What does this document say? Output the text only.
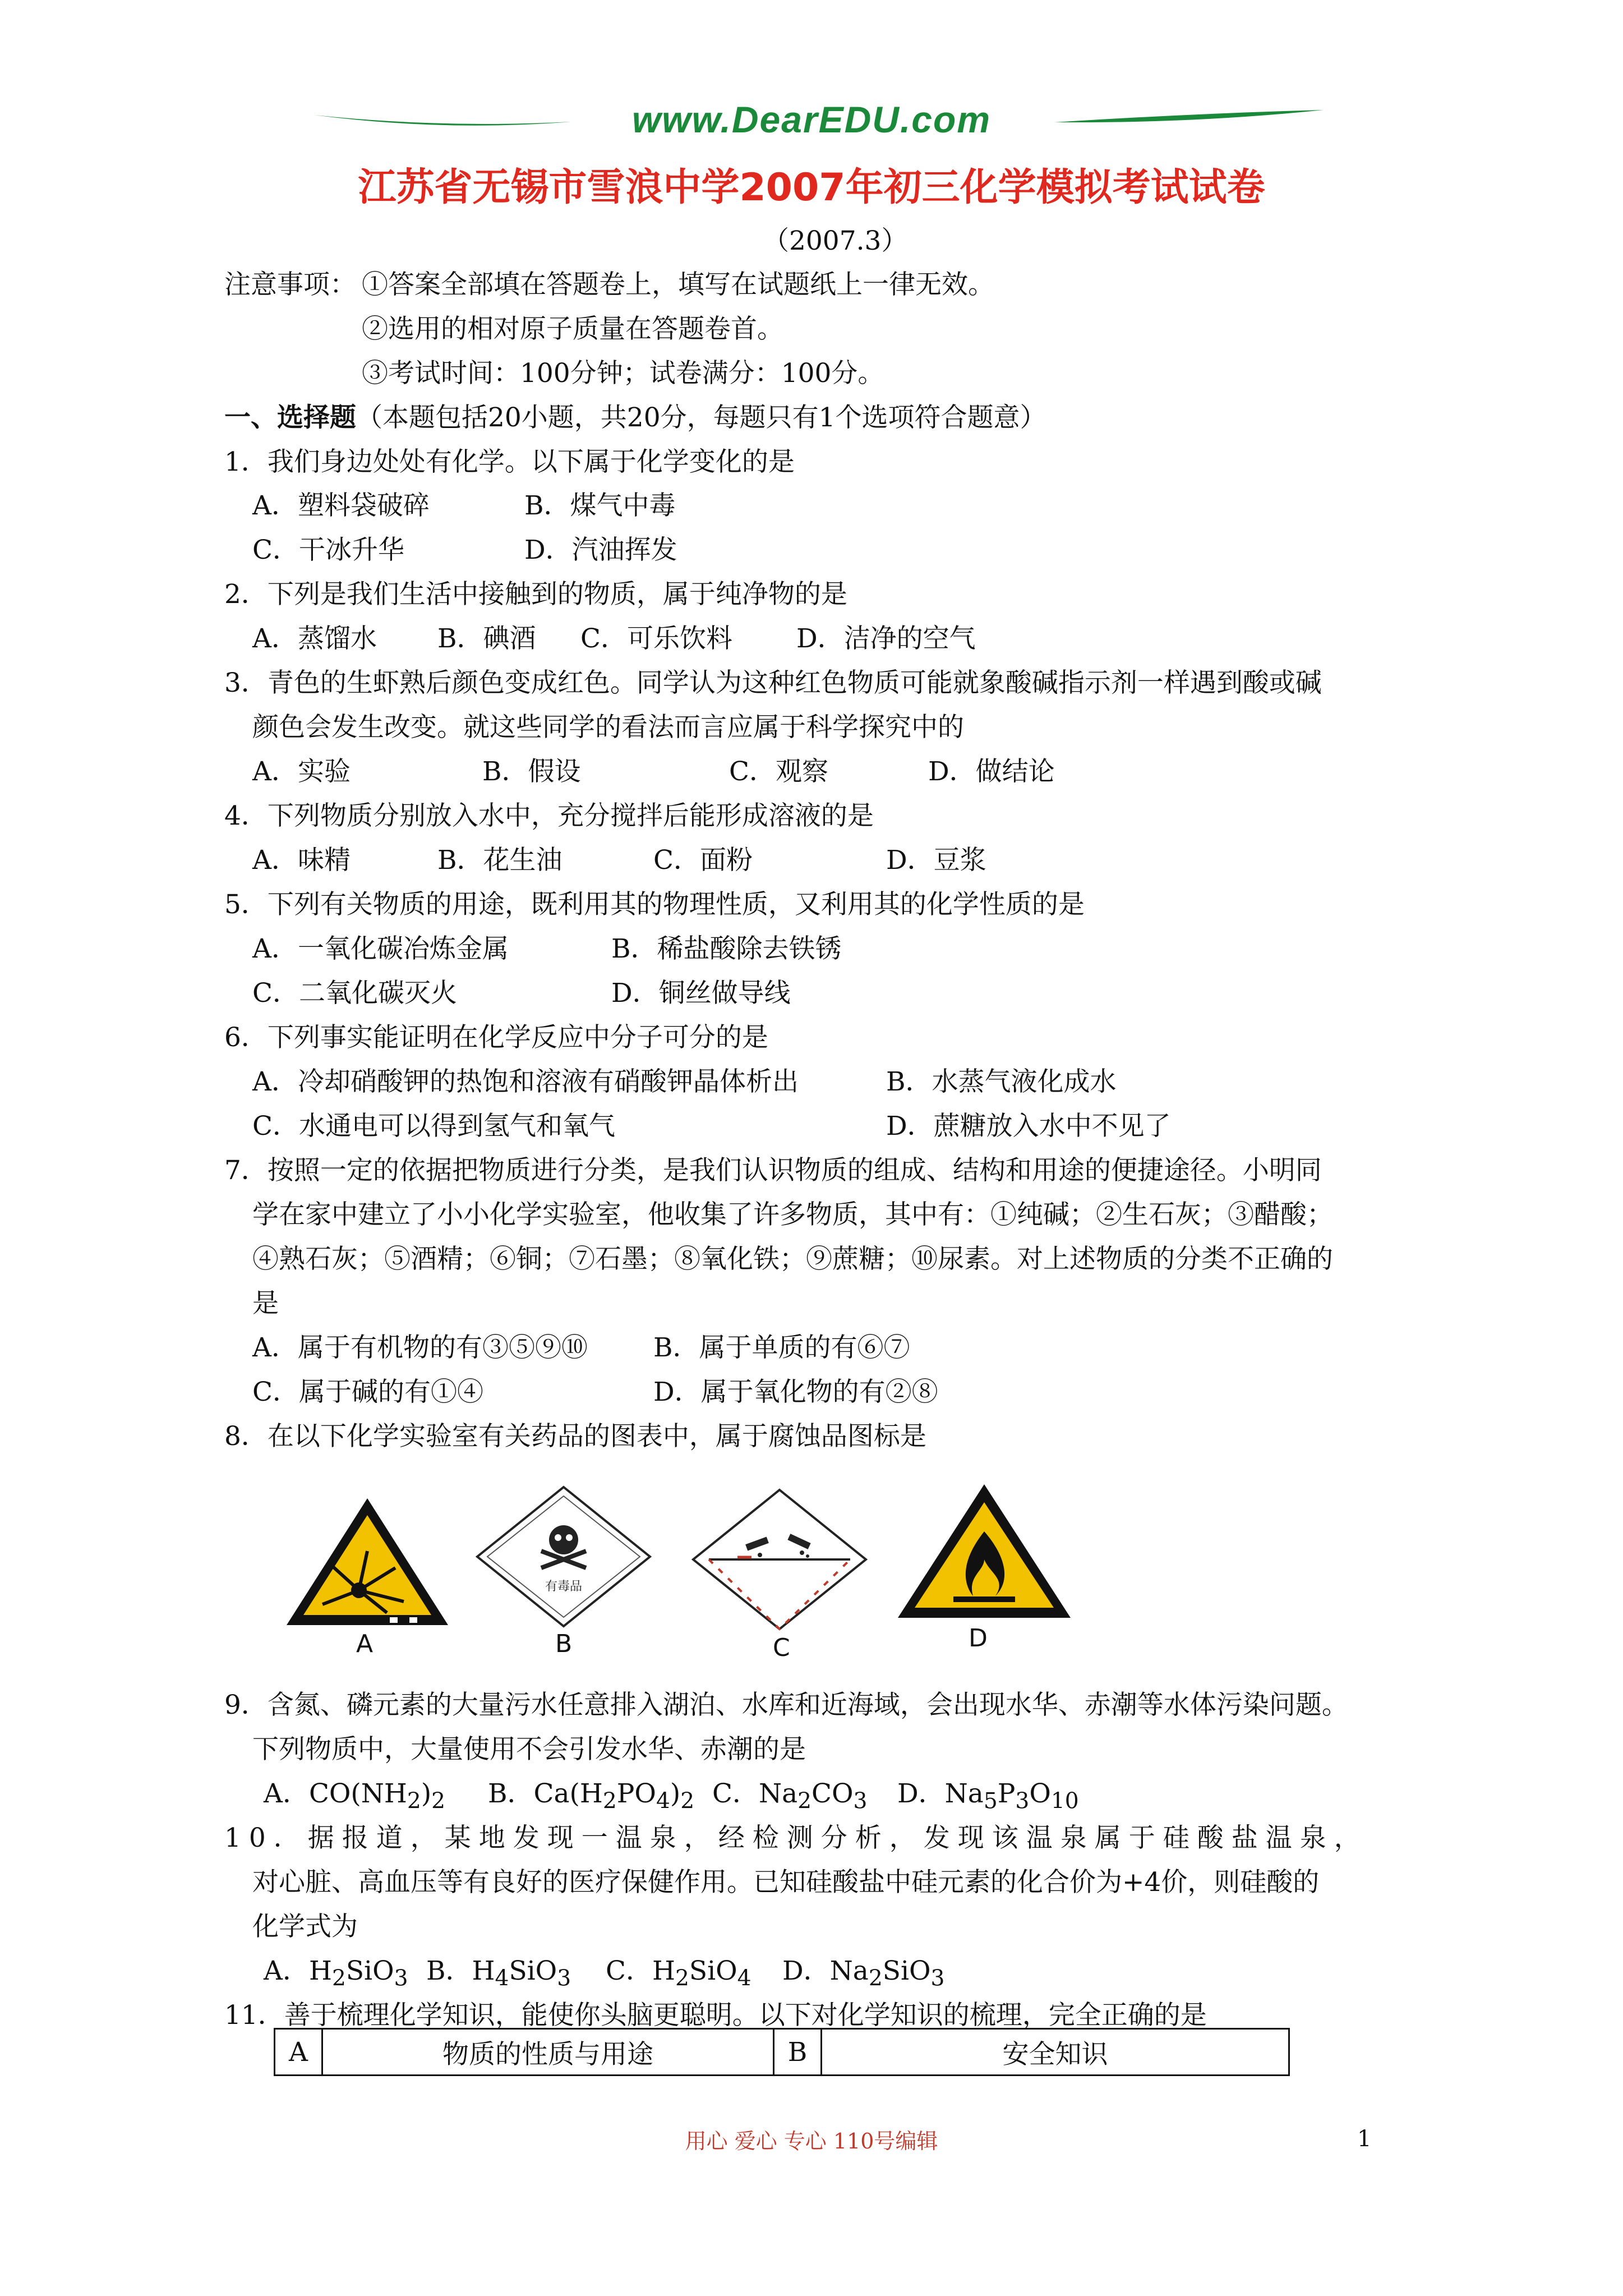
www.DearEDU.com
江苏省无锡市雪浪中学2007年初三化学模拟考试试卷
（2007.3）
注意事项： ①答案全部填在答题卷上，填写在试题纸上一律无效。
②选用的相对原子质量在答题卷首。
③考试时间：100分钟；试卷满分：100分。
一、选择题（本题包括20小题，共20分，每题只有1个选项符合题意）
1．我们身边处处有化学。以下属于化学变化的是
A．塑料袋破碎	B．煤气中毒
C．干冰升华	D．汽油挥发
2．下列是我们生活中接触到的物质，属于纯净物的是
A．蒸馏水 B．碘酒 C．可乐饮料 D．洁净的空气
3．青色的生虾熟后颜色变成红色。同学认为这种红色物质可能就象酸碱指示剂一样遇到酸或碱
颜色会发生改变。就这些同学的看法而言应属于科学探究中的
A．实验	B．假设	C．观察	D．做结论
4．下列物质分别放入水中，充分搅拌后能形成溶液的是
A．味精	B．花生油	C．面粉	D．豆浆
5．下列有关物质的用途，既利用其的物理性质，又利用其的化学性质的是
A．一氧化碳冶炼金属	B．稀盐酸除去铁锈
C．二氧化碳灭火	D．铜丝做导线
6．下列事实能证明在化学反应中分子可分的是
A．冷却硝酸钾的热饱和溶液有硝酸钾晶体析出	B．水蒸气液化成水
C．水通电可以得到氢气和氧气	D．蔗糖放入水中不见了
7．按照一定的依据把物质进行分类，是我们认识物质的组成、结构和用途的便捷途径。小明同
学在家中建立了小小化学实验室，他收集了许多物质，其中有：①纯碱；②生石灰；③醋酸；
④熟石灰；⑤酒精；⑥铜；⑦石墨；⑧氧化铁；⑨蔗糖；⑩尿素。对上述物质的分类不正确的
是
A．属于有机物的有③⑤⑨⑩ B．属于单质的有⑥⑦
C．属于碱的有①④	D．属于氧化物的有②⑧
8．在以下化学实验室有关药品的图表中，属于腐蚀品图标是
A
有毒品
B	C	D
9．含氮、磷元素的大量污水任意排入湖泊、水库和近海域，会出现水华、赤潮等水体污染问题。
下列物质中，大量使用不会引发水华、赤潮的是
A．$CO(NH_2)_2$ B．$Ca(H_2PO_4)_2$ C．$Na_2CO_3$ D．$Na_5P_3O_{10}$
10．据报道，某地发现一温泉，经检测分析，发现该温泉属于硅酸盐温泉，
对心脏、高血压等有良好的医疗保健作用。已知硅酸盐中硅元素的化合价为+4价，则硅酸的
化学式为
A．$H_2SiO_3$ B．$H_4SiO_3$ C．$H_2SiO_4$ D．$Na_2SiO_3$
11．善于梳理化学知识，能使你头脑更聪明。以下对化学知识的梳理，完全正确的是
A	物质的性质与用途	B	安全知识
用心 爱心 专心 110号编辑	1
